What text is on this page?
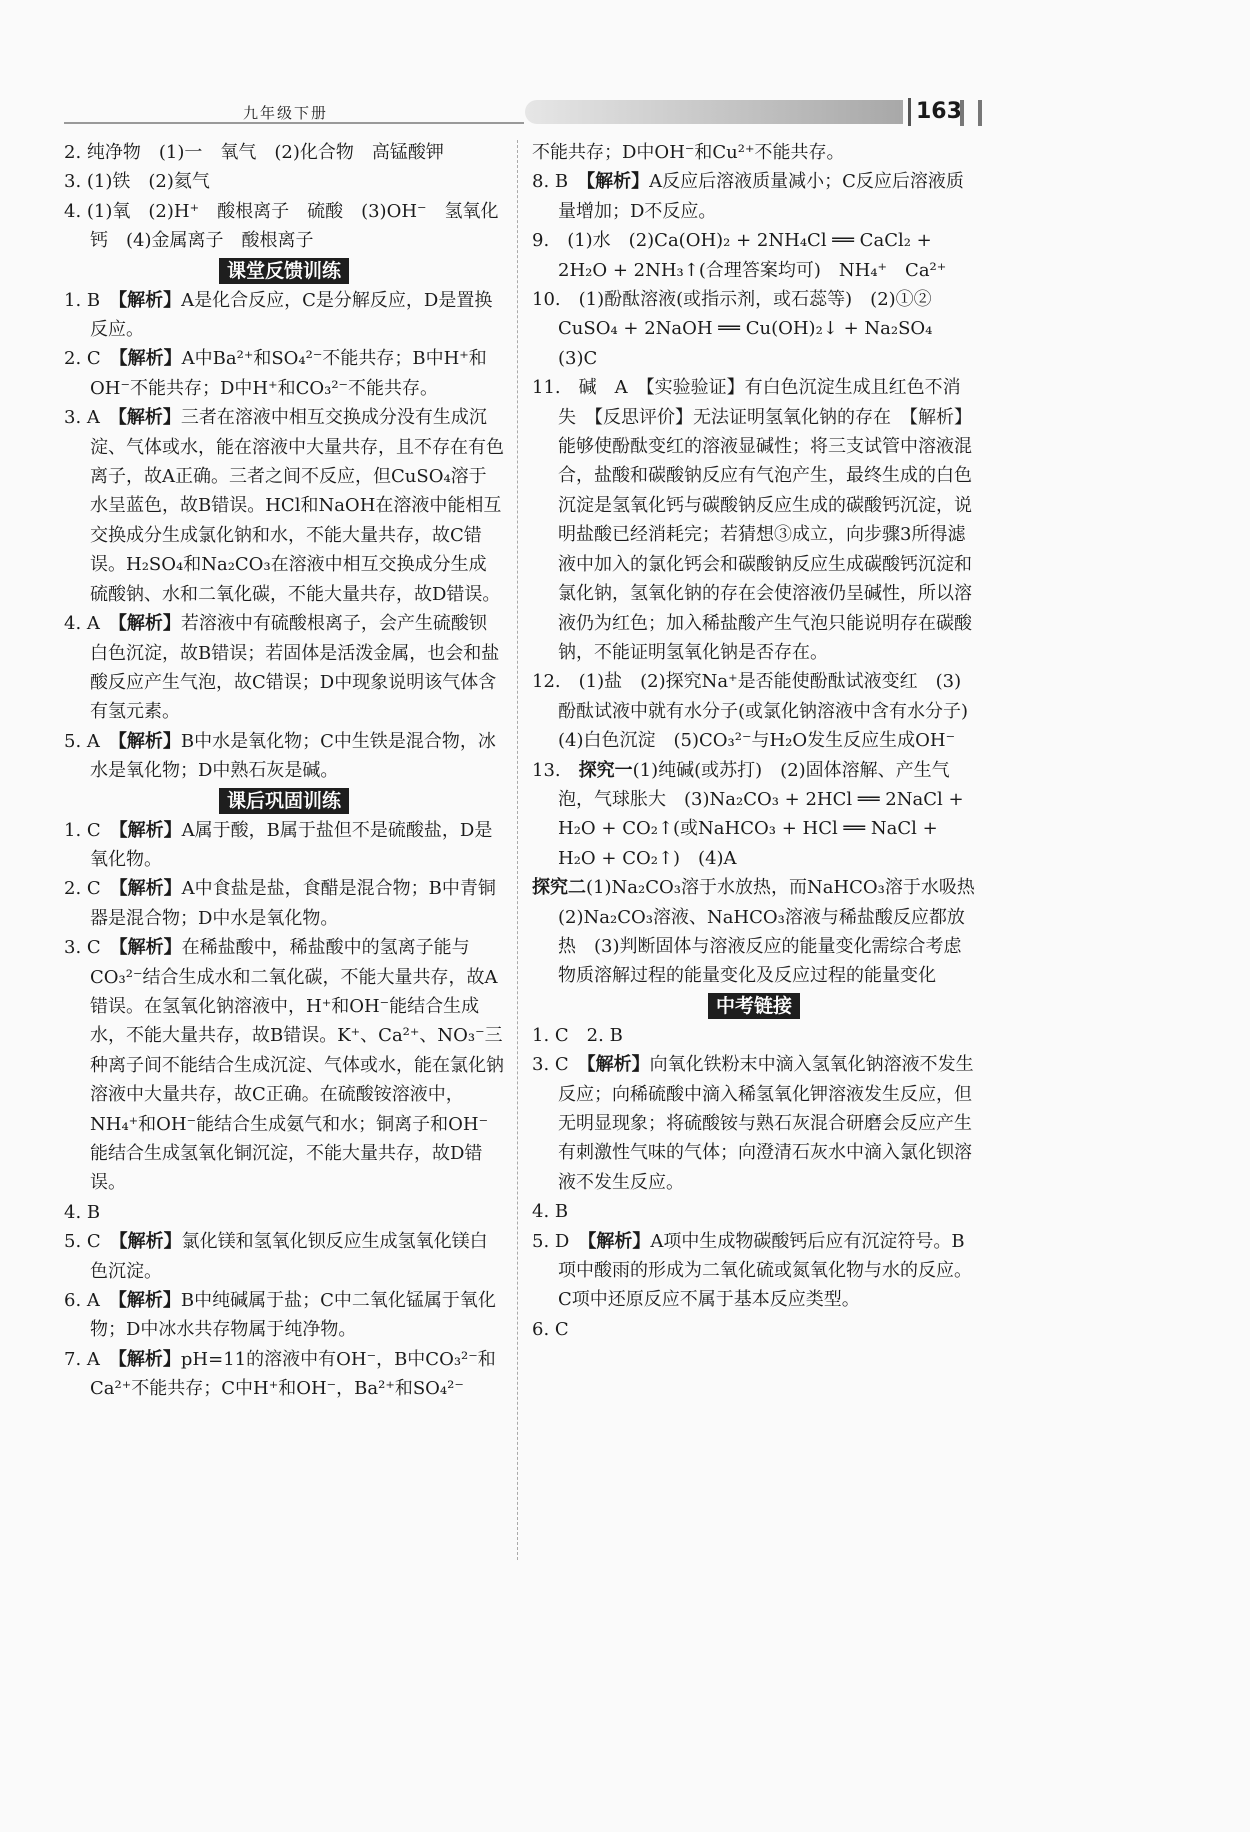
九年级下册	163

2. 纯净物　(1)一　氧气　(2)化合物　高锰酸钾

3. (1)铁　(2)氦气

4. (1)氧　(2)H⁺　酸根离子　硫酸　(3)OH⁻　氢氧化钙　(4)金属离子　酸根离子

课堂反馈训练

1. B　 【解析】A是化合反应，C是分解反应，D是置换反应。

2. C　 【解析】A中Ba²⁺和SO₄²⁻不能共存；B中H⁺和OH⁻不能共存；D中H⁺和CO₃²⁻不能共存。

3. A　 【解析】三者在溶液中相互交换成分没有生成沉淀、气体或水，能在溶液中大量共存，且不存在有色离子，故A正确。三者之间不反应，但CuSO₄溶于水呈蓝色，故B错误。HCl和NaOH在溶液中能相互交换成分生成氯化钠和水，不能大量共存，故C错误。H₂SO₄和Na₂CO₃在溶液中相互交换成分生成硫酸钠、水和二氧化碳，不能大量共存，故D错误。

4. A　 【解析】若溶液中有硫酸根离子，会产生硫酸钡白色沉淀，故B错误；若固体是活泼金属，也会和盐酸反应产生气泡，故C错误；D中现象说明该气体含有氢元素。

5. A　 【解析】B中水是氧化物；C中生铁是混合物，冰水是氧化物；D中熟石灰是碱。

课后巩固训练

1. C　 【解析】A属于酸，B属于盐但不是硫酸盐，D是氧化物。

2. C　 【解析】A中食盐是盐，食醋是混合物；B中青铜器是混合物；D中水是氧化物。

3. C　 【解析】在稀盐酸中，稀盐酸中的氢离子能与CO₃²⁻结合生成水和二氧化碳，不能大量共存，故A错误。在氢氧化钠溶液中，H⁺和OH⁻能结合生成水，不能大量共存，故B错误。K⁺、Ca²⁺、NO₃⁻三种离子间不能结合生成沉淀、气体或水，能在氯化钠溶液中大量共存，故C正确。在硫酸铵溶液中，NH₄⁺和OH⁻能结合生成氨气和水；铜离子和OH⁻能结合生成氢氧化铜沉淀，不能大量共存，故D错误。

4. B　

5. C　 【解析】氯化镁和氢氧化钡反应生成氢氧化镁白色沉淀。

6. A　 【解析】B中纯碱属于盐；C中二氧化锰属于氧化物；D中冰水共存物属于纯净物。

7. A　 【解析】pH=11的溶液中有OH⁻，B中CO₃²⁻和Ca²⁺不能共存；C中H⁺和OH⁻，Ba²⁺和SO₄²⁻

不能共存；D中OH⁻和Cu²⁺不能共存。

8. B　 【解析】A反应后溶液质量减小；C反应后溶液质量增加；D不反应。

9.　 (1)水　(2)Ca(OH)₂ + 2NH₄Cl ══ CaCl₂ + 2H₂O + 2NH₃↑(合理答案均可)　NH₄⁺　Ca²⁺

10.　 (1)酚酞溶液(或指示剂，或石蕊等)　(2)①②　CuSO₄ + 2NaOH ══ Cu(OH)₂↓ + Na₂SO₄　(3)C

11.　 碱　A　【实验验证】有白色沉淀生成且红色不消失　【反思评价】无法证明氢氧化钠的存在　【解析】能够使酚酞变红的溶液显碱性；将三支试管中溶液混合，盐酸和碳酸钠反应有气泡产生，最终生成的白色沉淀是氢氧化钙与碳酸钠反应生成的碳酸钙沉淀，说明盐酸已经消耗完；若猜想③成立，向步骤3所得滤液中加入的氯化钙会和碳酸钠反应生成碳酸钙沉淀和氯化钠，氢氧化钠的存在会使溶液仍呈碱性，所以溶液仍为红色；加入稀盐酸产生气泡只能说明存在碳酸钠，不能证明氢氧化钠是否存在。

12.　 (1)盐　(2)探究Na⁺是否能使酚酞试液变红　(3)酚酞试液中就有水分子(或氯化钠溶液中含有水分子)　(4)白色沉淀　(5)CO₃²⁻与H₂O发生反应生成OH⁻

13.　 探究一(1)纯碱(或苏打)　(2)固体溶解、产生气泡，气球胀大　(3)Na₂CO₃ + 2HCl ══ 2NaCl + H₂O + CO₂↑(或NaHCO₃ + HCl ══ NaCl + H₂O + CO₂↑)　(4)A

探究二(1)Na₂CO₃溶于水放热，而NaHCO₃溶于水吸热　(2)Na₂CO₃溶液、NaHCO₃溶液与稀盐酸反应都放热　(3)判断固体与溶液反应的能量变化需综合考虑物质溶解过程的能量变化及反应过程的能量变化

中考链接

1. C　2. B　

3. C　 【解析】向氧化铁粉末中滴入氢氧化钠溶液不发生反应；向稀硫酸中滴入稀氢氧化钾溶液发生反应，但无明显现象；将硫酸铵与熟石灰混合研磨会反应产生有刺激性气味的气体；向澄清石灰水中滴入氯化钡溶液不发生反应。

4. B　

5. D　 【解析】A项中生成物碳酸钙后应有沉淀符号。B项中酸雨的形成为二氧化硫或氮氧化物与水的反应。C项中还原反应不属于基本反应类型。

6. C　
